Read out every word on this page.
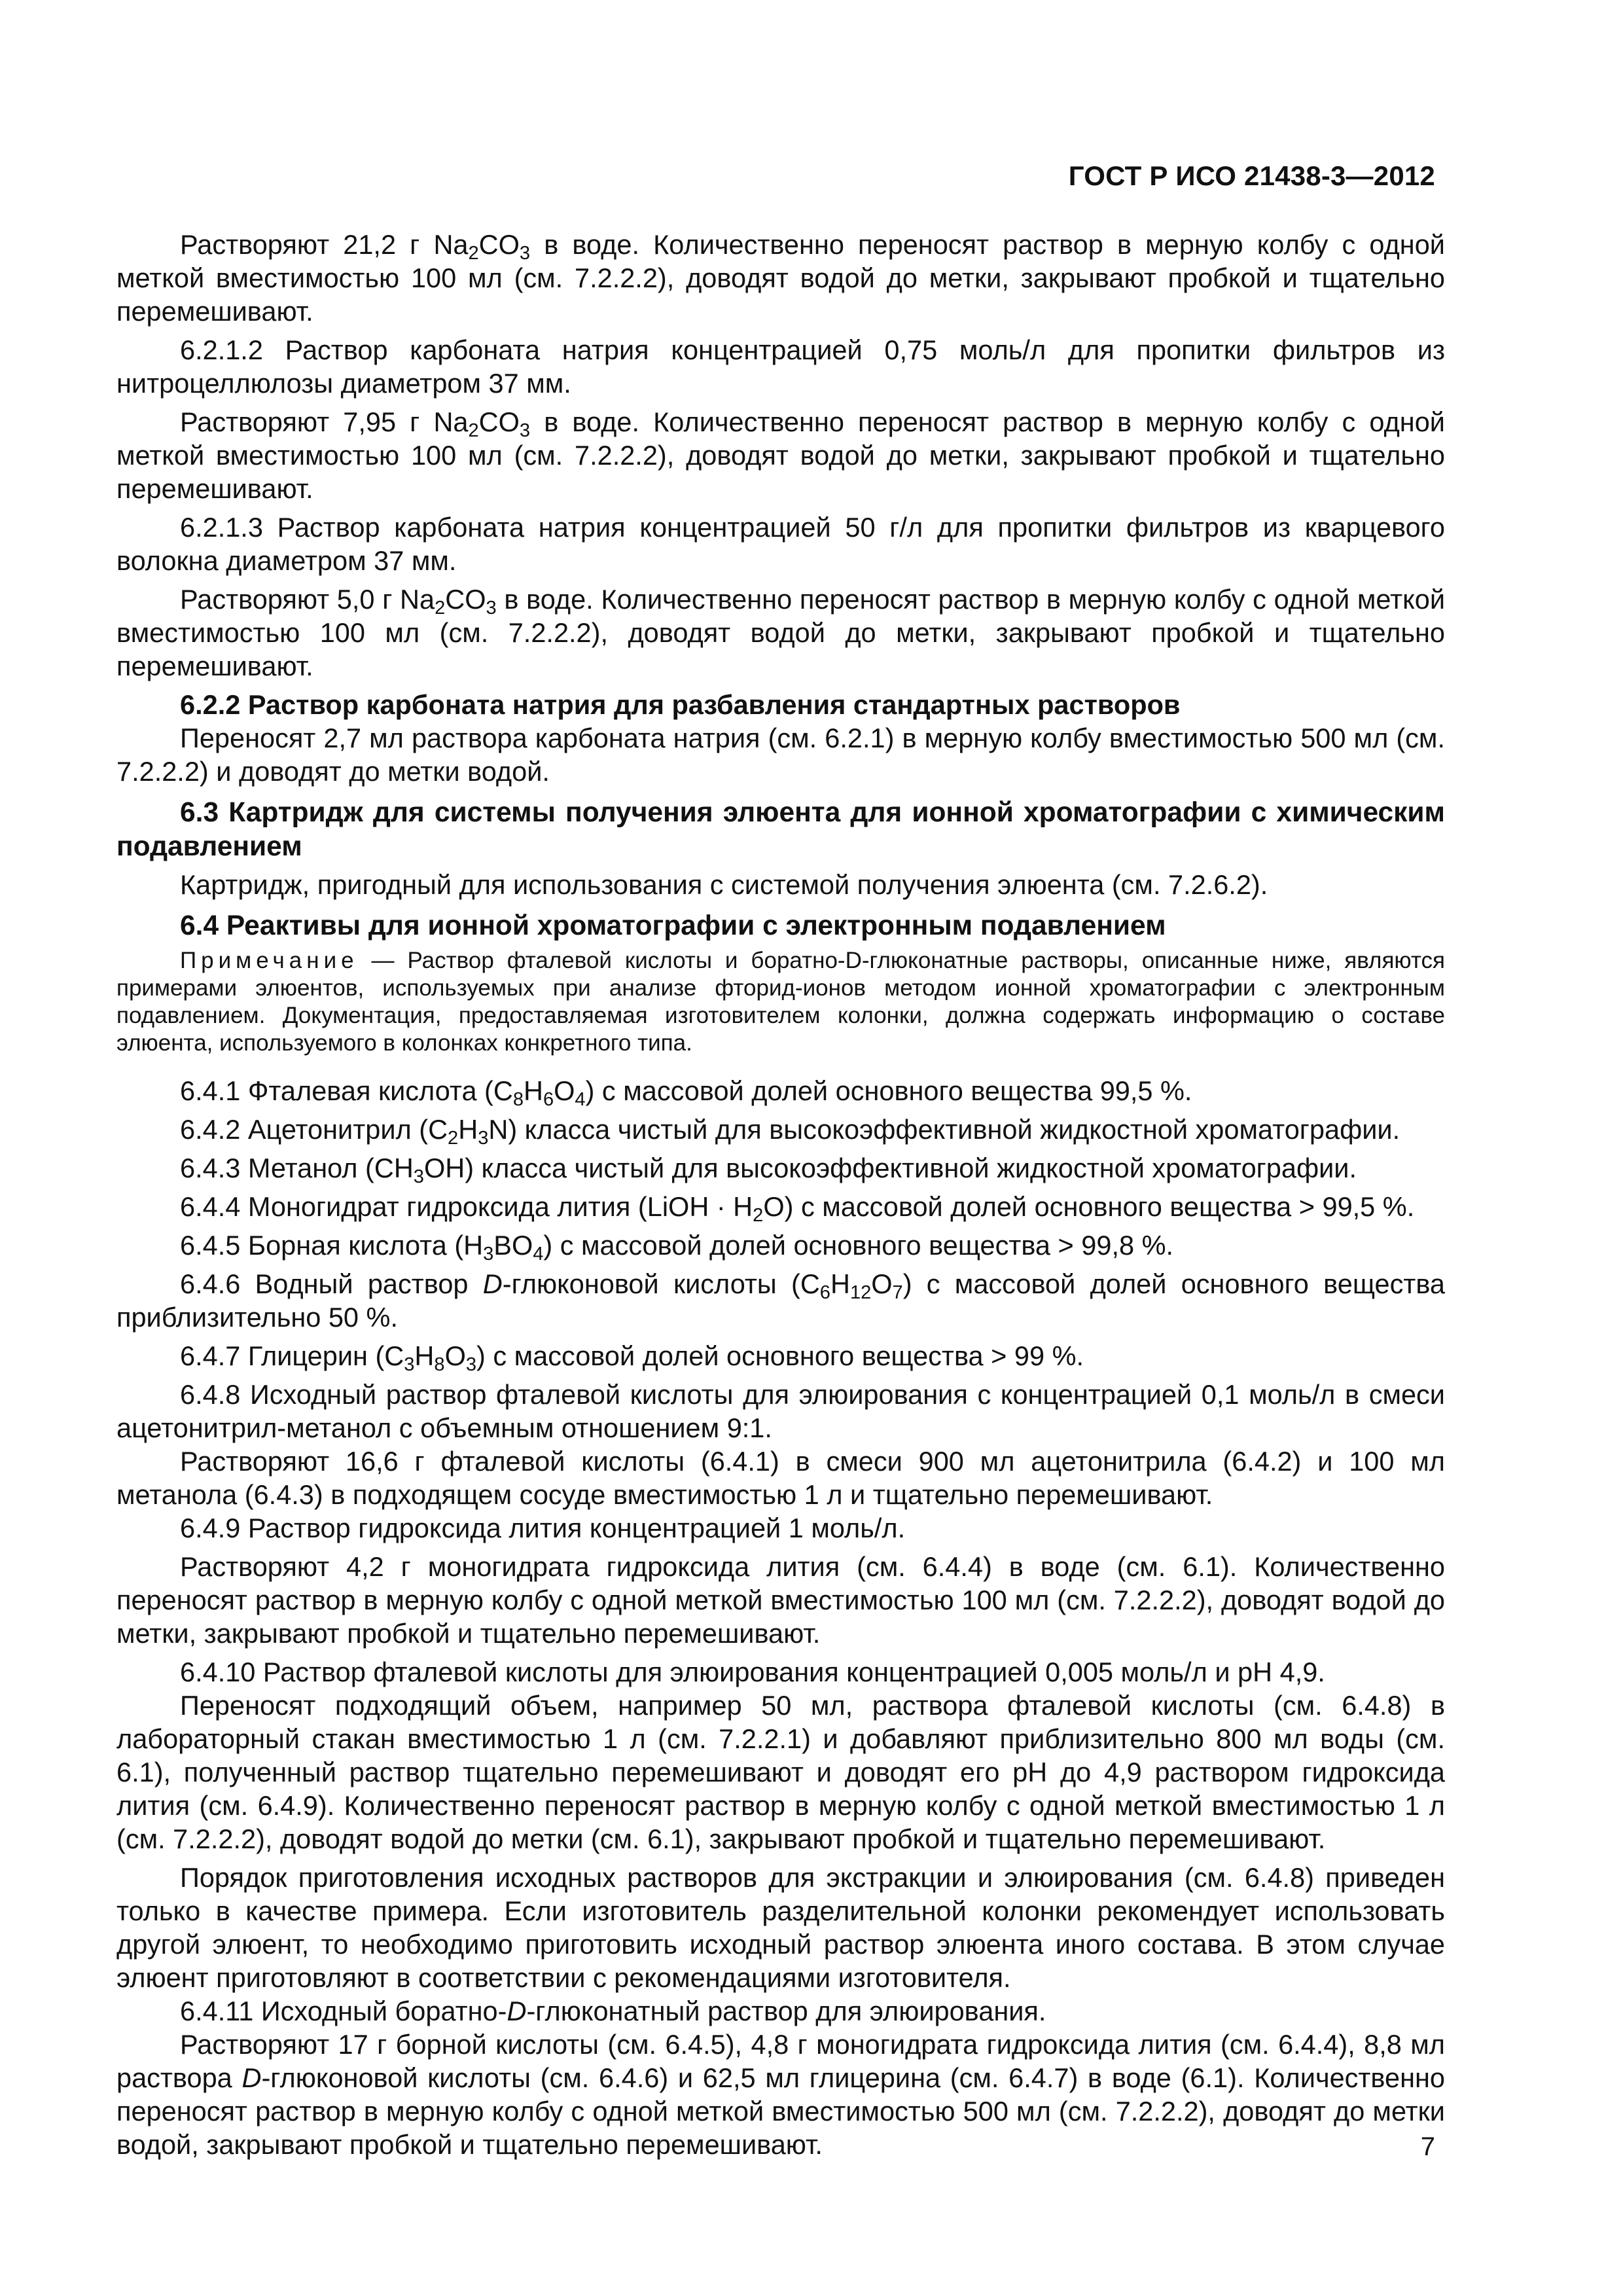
ГОСТ Р ИСО 21438-3—2012

Растворяют 21,2 г $Na_2CO_3$ в воде. Количественно переносят раствор в мерную колбу с одной меткой вместимостью 100 мл (см. 7.2.2.2), доводят водой до метки, закрывают пробкой и тщательно перемешивают.

6.2.1.2 Раствор карбоната натрия концентрацией 0,75 моль/л для пропитки фильтров из нитроцеллюлозы диаметром 37 мм.

Растворяют 7,95 г $Na_2CO_3$ в воде. Количественно переносят раствор в мерную колбу с одной меткой вместимостью 100 мл (см. 7.2.2.2), доводят водой до метки, закрывают пробкой и тщательно перемешивают.

6.2.1.3 Раствор карбоната натрия концентрацией 50 г/л для пропитки фильтров из кварцевого волокна диаметром 37 мм.

Растворяют 5,0 г $Na_2CO_3$ в воде. Количественно переносят раствор в мерную колбу с одной меткой вместимостью 100 мл (см. 7.2.2.2), доводят водой до метки, закрывают пробкой и тщательно перемешивают.

6.2.2 Раствор карбоната натрия для разбавления стандартных растворов

Переносят 2,7 мл раствора карбоната натрия (см. 6.2.1) в мерную колбу вместимостью 500 мл (см. 7.2.2.2) и доводят до метки водой.

6.3 Картридж для системы получения элюента для ионной хроматографии с химическим подавлением

Картридж, пригодный для использования с системой получения элюента (см. 7.2.6.2).

6.4 Реактивы для ионной хроматографии с электронным подавлением

Примечание — Раствор фталевой кислоты и боратно-D-глюконатные растворы, описанные ниже, являются примерами элюентов, используемых при анализе фторид-ионов методом ионной хроматографии с электронным подавлением. Документация, предоставляемая изготовителем колонки, должна содержать информацию о составе элюента, используемого в колонках конкретного типа.

6.4.1 Фталевая кислота $(C_8H_6O_4)$ с массовой долей основного вещества 99,5 %.

6.4.2 Ацетонитрил $(C_2H_3N)$ класса чистый для высокоэффективной жидкостной хроматографии.

6.4.3 Метанол $(CH_3OH)$ класса чистый для высокоэффективной жидкостной хроматографии.

6.4.4 Моногидрат гидроксида лития (LiOH · $H_2O$) с массовой долей основного вещества > 99,5 %.

6.4.5 Борная кислота $(H_3BO_4)$ с массовой долей основного вещества > 99,8 %.

6.4.6 Водный раствор D-глюконовой кислоты $(C_6H_{12}O_7)$ с массовой долей основного вещества приблизительно 50 %.

6.4.7 Глицерин $(C_3H_8O_3)$ с массовой долей основного вещества > 99 %.

6.4.8 Исходный раствор фталевой кислоты для элюирования с концентрацией 0,1 моль/л в смеси ацетонитрил-метанол с объемным отношением 9:1.

Растворяют 16,6 г фталевой кислоты (6.4.1) в смеси 900 мл ацетонитрила (6.4.2) и 100 мл метанола (6.4.3) в подходящем сосуде вместимостью 1 л и тщательно перемешивают.

6.4.9 Раствор гидроксида лития концентрацией 1 моль/л.

Растворяют 4,2 г моногидрата гидроксида лития (см. 6.4.4) в воде (см. 6.1). Количественно переносят раствор в мерную колбу с одной меткой вместимостью 100 мл (см. 7.2.2.2), доводят водой до метки, закрывают пробкой и тщательно перемешивают.

6.4.10 Раствор фталевой кислоты для элюирования концентрацией 0,005 моль/л и pH 4,9.

Переносят подходящий объем, например 50 мл, раствора фталевой кислоты (см. 6.4.8) в лабораторный стакан вместимостью 1 л (см. 7.2.2.1) и добавляют приблизительно 800 мл воды (см. 6.1), полученный раствор тщательно перемешивают и доводят его pH до 4,9 раствором гидроксида лития (см. 6.4.9). Количественно переносят раствор в мерную колбу с одной меткой вместимостью 1 л (см. 7.2.2.2), доводят водой до метки (см. 6.1), закрывают пробкой и тщательно перемешивают.

Порядок приготовления исходных растворов для экстракции и элюирования (см. 6.4.8) приведен только в качестве примера. Если изготовитель разделительной колонки рекомендует использовать другой элюент, то необходимо приготовить исходный раствор элюента иного состава. В этом случае элюент приготовляют в соответствии с рекомендациями изготовителя.

6.4.11 Исходный боратно-D-глюконатный раствор для элюирования.

Растворяют 17 г борной кислоты (см. 6.4.5), 4,8 г моногидрата гидроксида лития (см. 6.4.4), 8,8 мл раствора D-глюконовой кислоты (см. 6.4.6) и 62,5 мл глицерина (см. 6.4.7) в воде (6.1). Количественно переносят раствор в мерную колбу с одной меткой вместимостью 500 мл (см. 7.2.2.2), доводят до метки водой, закрывают пробкой и тщательно перемешивают.	7
